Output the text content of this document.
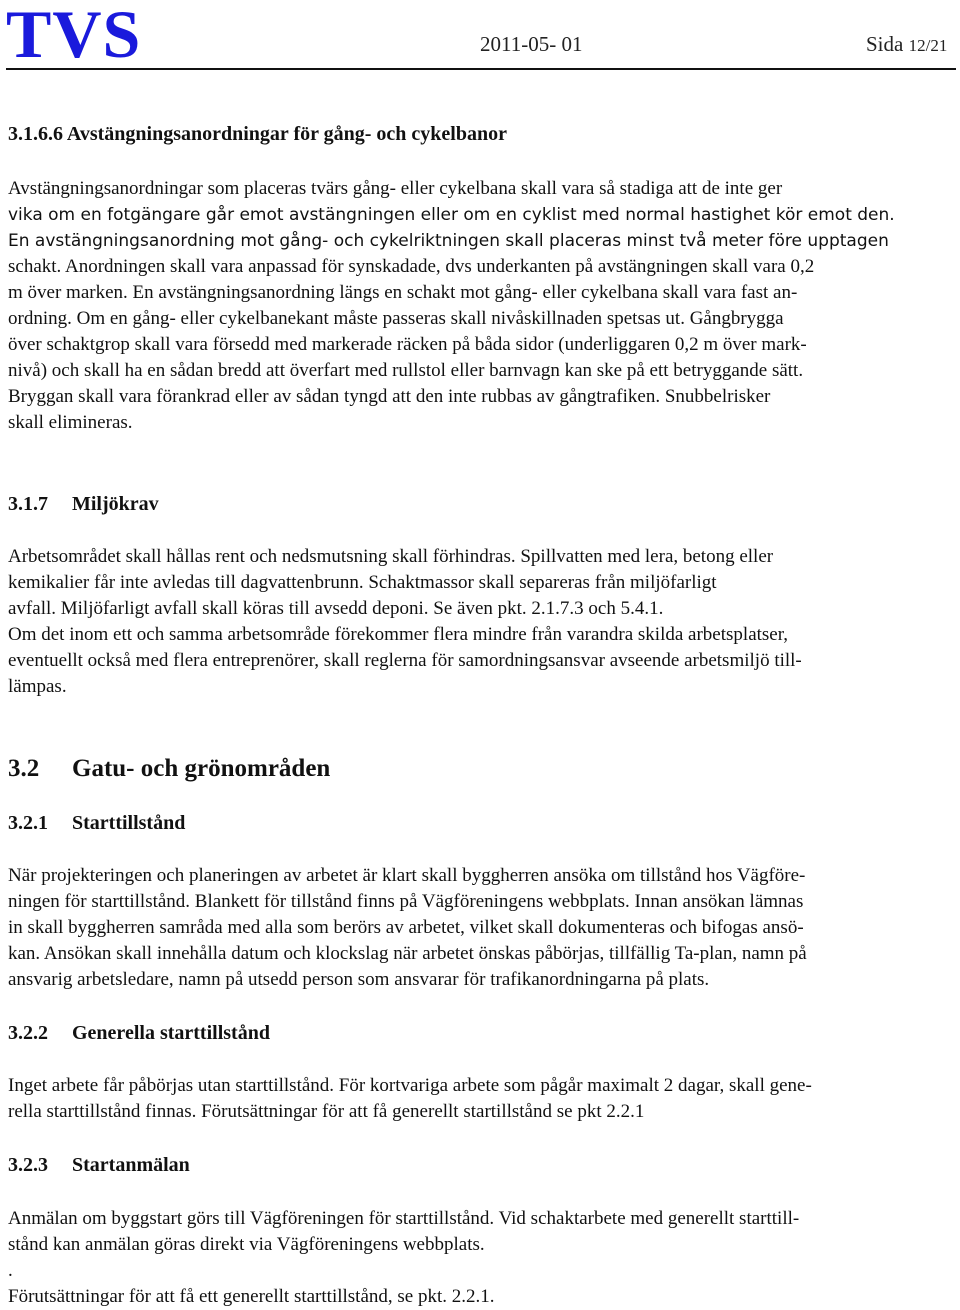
TVS	2011-05- 01	Sida 12/21
3.1.6.6 Avstängningsanordningar för gång- och cykelbanor
Avstängningsanordningar som placeras tvärs gång- eller cykelbana skall vara så stadiga att de inte ger
vika om en fotgängare går emot avstängningen eller om en cyklist med normal hastighet kör emot den.
En avstängningsanordning mot gång- och cykelriktningen skall placeras minst två meter före upptagen
schakt. Anordningen skall vara anpassad för synskadade, dvs underkanten på avstängningen skall vara 0,2
m över marken. En avstängningsanordning längs en schakt mot gång- eller cykelbana skall vara fast an-
ordning. Om en gång- eller cykelbanekant måste passeras skall nivåskillnaden spetsas ut. Gångbrygga
över schaktgrop skall vara försedd med markerade räcken på båda sidor (underliggaren 0,2 m över mark-
nivå) och skall ha en sådan bredd att överfart med rullstol eller barnvagn kan ske på ett betryggande sätt.
Bryggan skall vara förankrad eller av sådan tyngd att den inte rubbas av gångtrafiken. Snubbelrisker
skall elimineras.
3.1.7 Miljökrav
Arbetsområdet skall hållas rent och nedsmutsning skall förhindras. Spillvatten med lera, betong eller
kemikalier får inte avledas till dagvattenbrunn. Schaktmassor skall separeras från miljöfarligt
avfall. Miljöfarligt avfall skall köras till avsedd deponi. Se även pkt. 2.1.7.3 och 5.4.1.
Om det inom ett och samma arbetsområde förekommer flera mindre från varandra skilda arbetsplatser,
eventuellt också med flera entreprenörer, skall reglerna för samordningsansvar avseende arbetsmiljö till-
lämpas.
3.2 Gatu- och grönområden
3.2.1 Starttillstånd
När projekteringen och planeringen av arbetet är klart skall byggherren ansöka om tillstånd hos Vägföre-
ningen för starttillstånd. Blankett för tillstånd finns på Vägföreningens webbplats. Innan ansökan lämnas
in skall byggherren samråda med alla som berörs av arbetet, vilket skall dokumenteras och bifogas ansö-
kan. Ansökan skall innehålla datum och klockslag när arbetet önskas påbörjas, tillfällig Ta-plan, namn på
ansvarig arbetsledare, namn på utsedd person som ansvarar för trafikanordningarna på plats.
3.2.2 Generella starttillstånd
Inget arbete får påbörjas utan starttillstånd. För kortvariga arbete som pågår maximalt 2 dagar, skall gene-
rella starttillstånd finnas. Förutsättningar för att få generellt startillstånd se pkt 2.2.1
3.2.3 Startanmälan
Anmälan om byggstart görs till Vägföreningen för starttillstånd. Vid schaktarbete med generellt starttill-
stånd kan anmälan göras direkt via Vägföreningens webbplats.
.
Förutsättningar för att få ett generellt starttillstånd, se pkt. 2.2.1.
